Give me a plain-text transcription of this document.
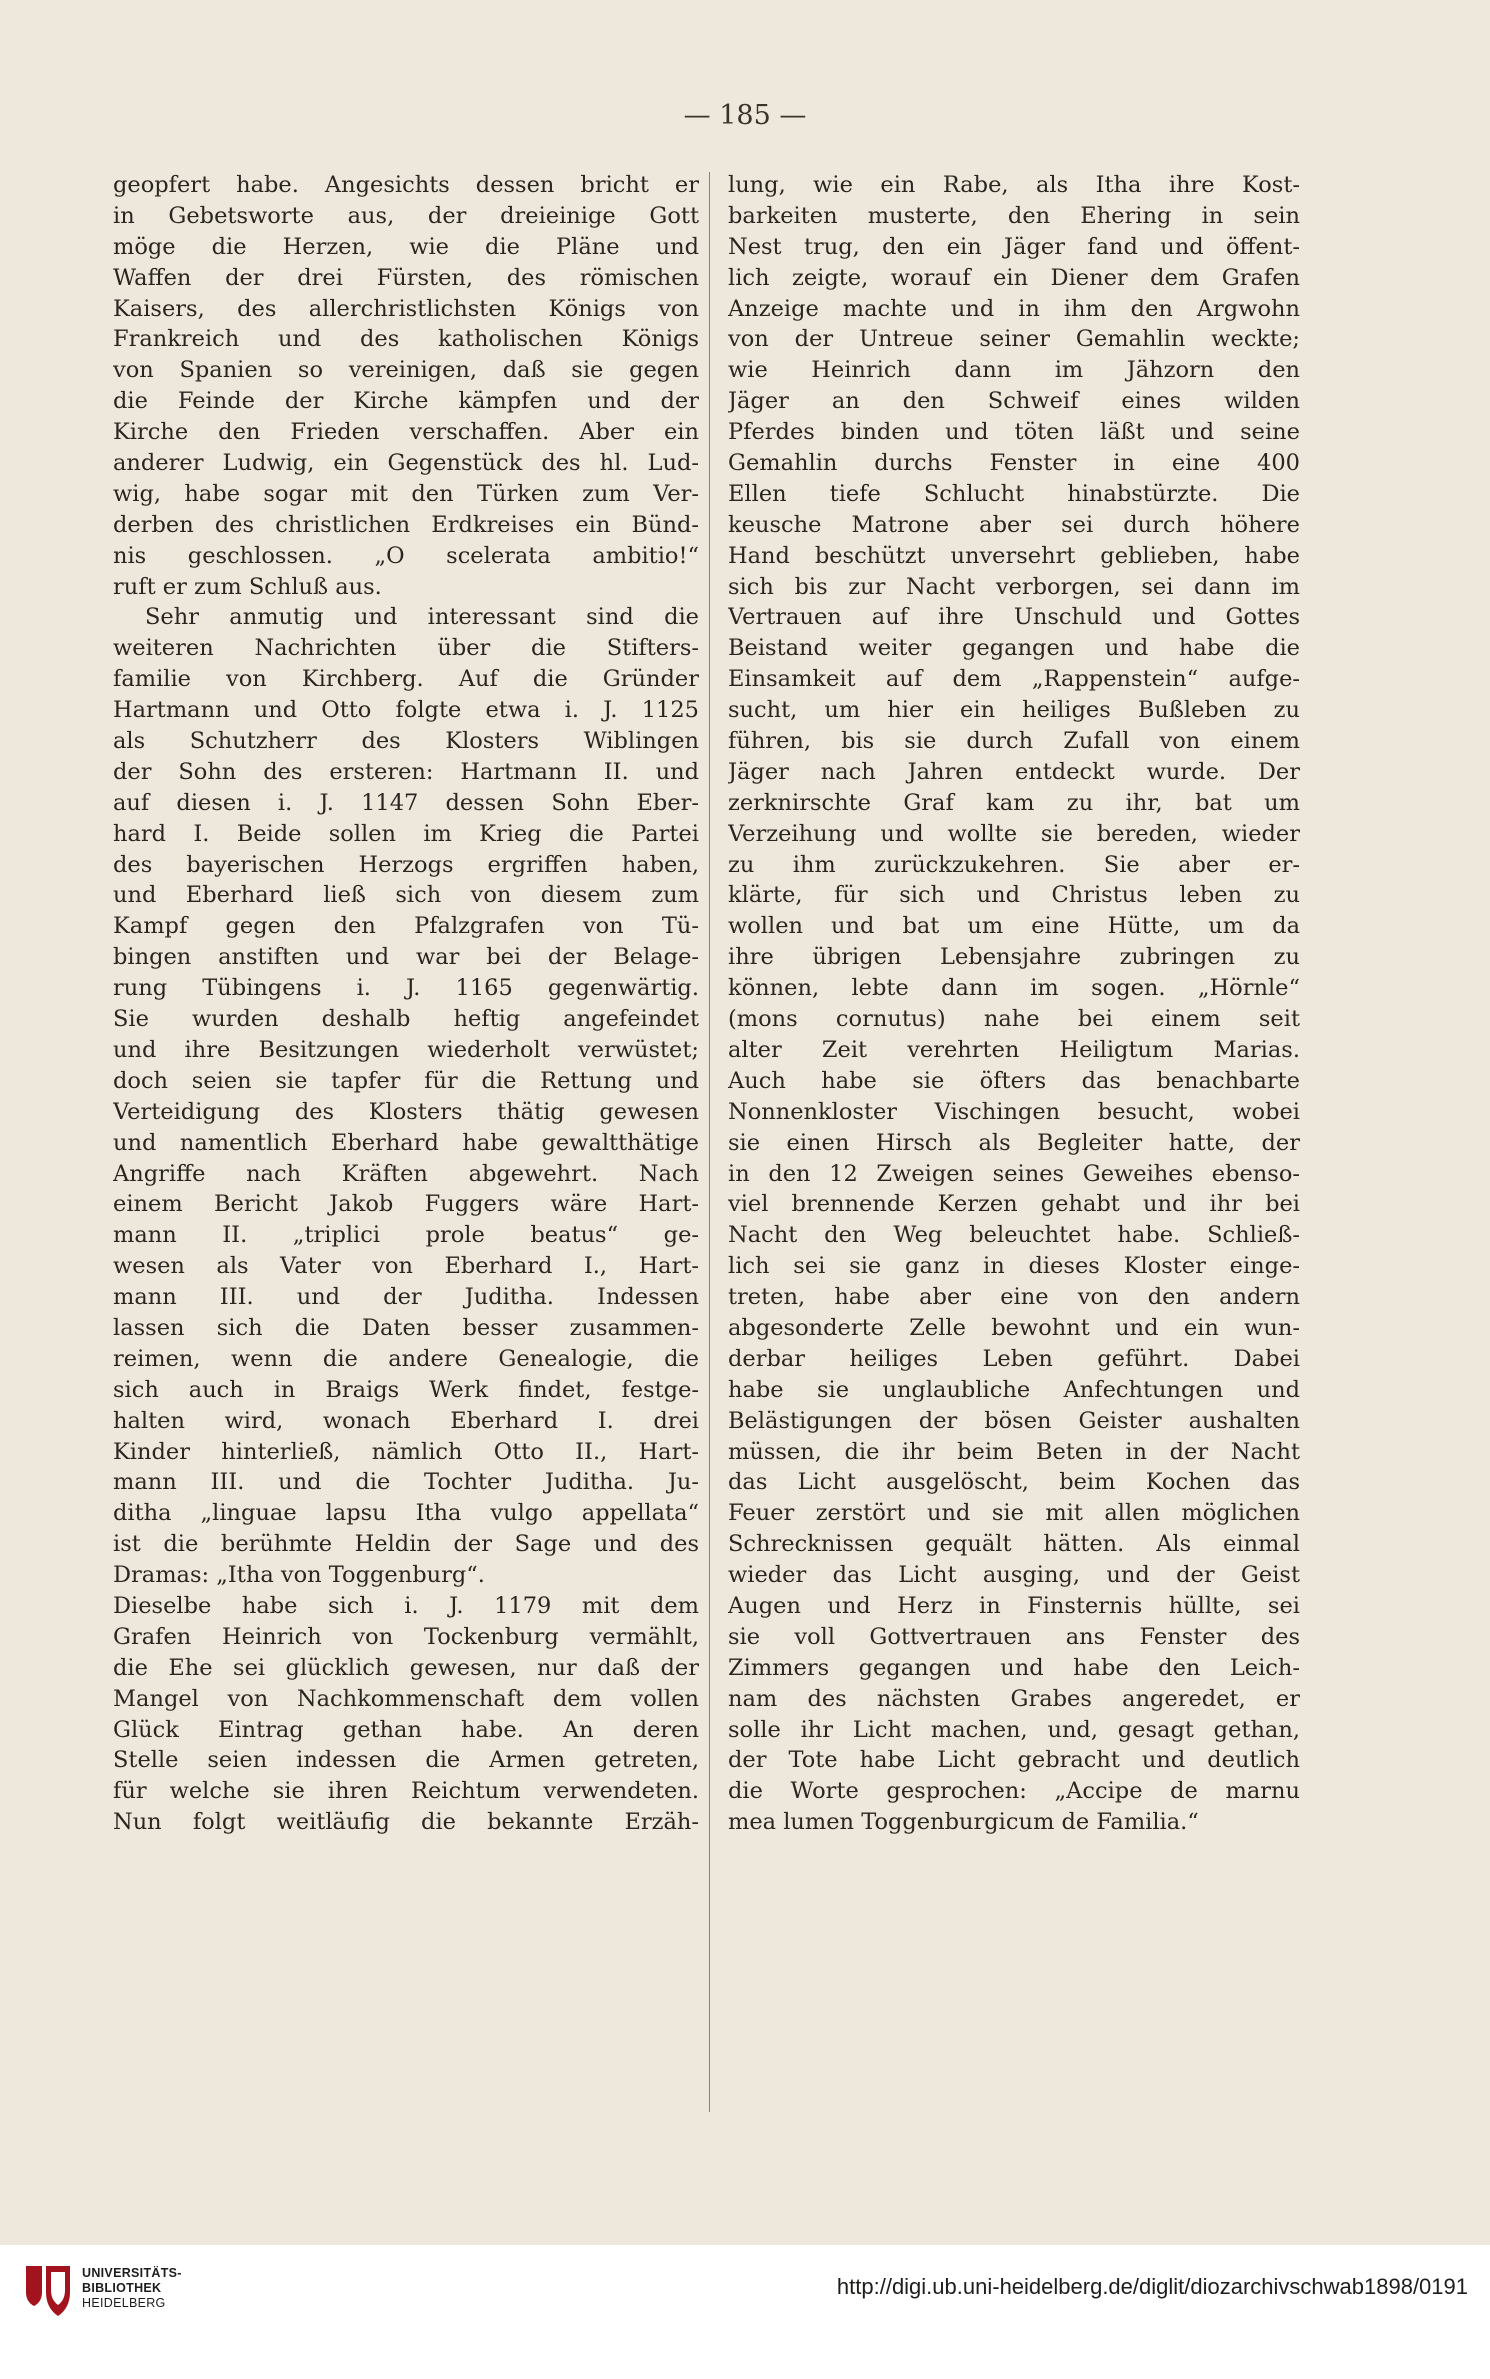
— 185 —
geopfert habe. Angesichts dessen bricht er
in Gebetsworte aus, der dreieinige Gott
möge die Herzen, wie die Pläne und
Waffen der drei Fürsten, des römischen
Kaisers, des allerchristlichsten Königs von
Frankreich und des katholischen Königs
von Spanien so vereinigen, daß sie gegen
die Feinde der Kirche kämpfen und der
Kirche den Frieden verschaffen. Aber ein
anderer Ludwig, ein Gegenstück des hl. Lud-
wig, habe sogar mit den Türken zum Ver-
derben des christlichen Erdkreises ein Bünd-
nis geschlossen. „O scelerata ambitio!“
ruft er zum Schluß aus.
Sehr anmutig und interessant sind die
weiteren Nachrichten über die Stifters-
familie von Kirchberg. Auf die Gründer
Hartmann und Otto folgte etwa i. J. 1125
als Schutzherr des Klosters Wiblingen
der Sohn des ersteren: Hartmann II. und
auf diesen i. J. 1147 dessen Sohn Eber-
hard I. Beide sollen im Krieg die Partei
des bayerischen Herzogs ergriffen haben,
und Eberhard ließ sich von diesem zum
Kampf gegen den Pfalzgrafen von Tü-
bingen anstiften und war bei der Belage-
rung Tübingens i. J. 1165 gegenwärtig.
Sie wurden deshalb heftig angefeindet
und ihre Besitzungen wiederholt verwüstet;
doch seien sie tapfer für die Rettung und
Verteidigung des Klosters thätig gewesen
und namentlich Eberhard habe gewaltthätige
Angriffe nach Kräften abgewehrt. Nach
einem Bericht Jakob Fuggers wäre Hart-
mann II. „triplici prole beatus“ ge-
wesen als Vater von Eberhard I., Hart-
mann III. und der Juditha. Indessen
lassen sich die Daten besser zusammen-
reimen, wenn die andere Genealogie, die
sich auch in Braigs Werk findet, festge-
halten wird, wonach Eberhard I. drei
Kinder hinterließ, nämlich Otto II., Hart-
mann III. und die Tochter Juditha. Ju-
ditha „linguae lapsu Itha vulgo appellata“
ist die berühmte Heldin der Sage und des
Dramas: „Itha von Toggenburg“.
Dieselbe habe sich i. J. 1179 mit dem
Grafen Heinrich von Tockenburg vermählt,
die Ehe sei glücklich gewesen, nur daß der
Mangel von Nachkommenschaft dem vollen
Glück Eintrag gethan habe. An deren
Stelle seien indessen die Armen getreten,
für welche sie ihren Reichtum verwendeten.
Nun folgt weitläufig die bekannte Erzäh-
lung, wie ein Rabe, als Itha ihre Kost-
barkeiten musterte, den Ehering in sein
Nest trug, den ein Jäger fand und öffent-
lich zeigte, worauf ein Diener dem Grafen
Anzeige machte und in ihm den Argwohn
von der Untreue seiner Gemahlin weckte;
wie Heinrich dann im Jähzorn den
Jäger an den Schweif eines wilden
Pferdes binden und töten läßt und seine
Gemahlin durchs Fenster in eine 400
Ellen tiefe Schlucht hinabstürzte. Die
keusche Matrone aber sei durch höhere
Hand beschützt unversehrt geblieben, habe
sich bis zur Nacht verborgen, sei dann im
Vertrauen auf ihre Unschuld und Gottes
Beistand weiter gegangen und habe die
Einsamkeit auf dem „Rappenstein“ aufge-
sucht, um hier ein heiliges Bußleben zu
führen, bis sie durch Zufall von einem
Jäger nach Jahren entdeckt wurde. Der
zerknirschte Graf kam zu ihr, bat um
Verzeihung und wollte sie bereden, wieder
zu ihm zurückzukehren. Sie aber er-
klärte, für sich und Christus leben zu
wollen und bat um eine Hütte, um da
ihre übrigen Lebensjahre zubringen zu
können, lebte dann im sogen. „Hörnle“
(mons cornutus) nahe bei einem seit
alter Zeit verehrten Heiligtum Marias.
Auch habe sie öfters das benachbarte
Nonnenkloster Vischingen besucht, wobei
sie einen Hirsch als Begleiter hatte, der
in den 12 Zweigen seines Geweihes ebenso-
viel brennende Kerzen gehabt und ihr bei
Nacht den Weg beleuchtet habe. Schließ-
lich sei sie ganz in dieses Kloster einge-
treten, habe aber eine von den andern
abgesonderte Zelle bewohnt und ein wun-
derbar heiliges Leben geführt. Dabei
habe sie unglaubliche Anfechtungen und
Belästigungen der bösen Geister aushalten
müssen, die ihr beim Beten in der Nacht
das Licht ausgelöscht, beim Kochen das
Feuer zerstört und sie mit allen möglichen
Schrecknissen gequält hätten. Als einmal
wieder das Licht ausging, und der Geist
Augen und Herz in Finsternis hüllte, sei
sie voll Gottvertrauen ans Fenster des
Zimmers gegangen und habe den Leich-
nam des nächsten Grabes angeredet, er
solle ihr Licht machen, und, gesagt gethan,
der Tote habe Licht gebracht und deutlich
die Worte gesprochen: „Accipe de marnu
mea lumen Toggenburgicum de Familia.“
UNIVERSITÄTS-
BIBLIOTHEK
HEIDELBERG
http://digi.ub.uni-heidelberg.de/diglit/diozarchivschwab1898/0191
